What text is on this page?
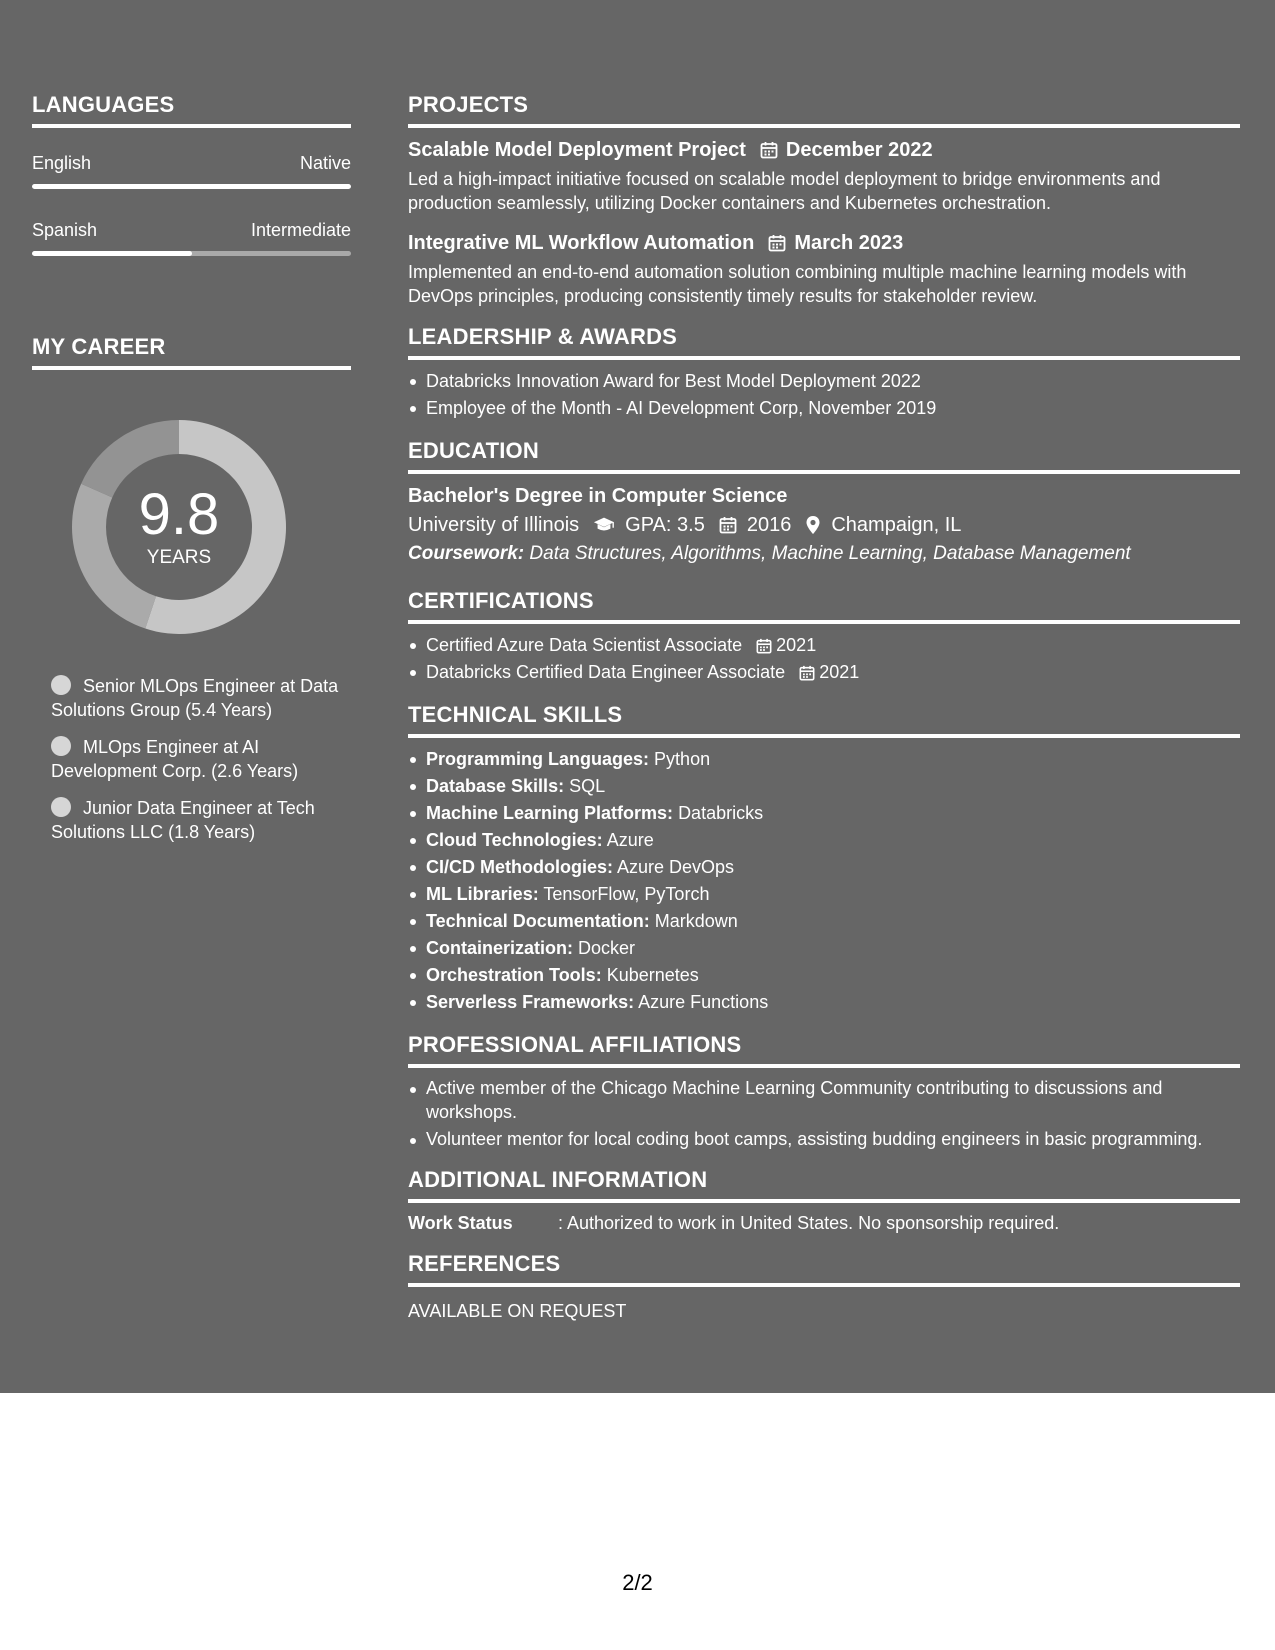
LANGUAGES
English	Native
Spanish	Intermediate
MY CAREER
9.8
YEARS
Senior MLOps Engineer at Data Solutions Group (5.4 Years)
MLOps Engineer at AI Development Corp. (2.6 Years)
Junior Data Engineer at Tech Solutions LLC (1.8 Years)
PROJECTS
Scalable Model Deployment Project December 2022
Led a high-impact initiative focused on scalable model deployment to bridge environments and production seamlessly, utilizing Docker containers and Kubernetes orchestration.
Integrative ML Workflow Automation March 2023
Implemented an end-to-end automation solution combining multiple machine learning models with DevOps principles, producing consistently timely results for stakeholder review.
LEADERSHIP & AWARDS
Databricks Innovation Award for Best Model Deployment 2022
Employee of the Month - AI Development Corp, November 2019
EDUCATION
Bachelor's Degree in Computer Science
University of Illinois GPA: 3.5 2016 Champaign, IL
Coursework: Data Structures, Algorithms, Machine Learning, Database Management
CERTIFICATIONS
Certified Azure Data Scientist Associate 2021
Databricks Certified Data Engineer Associate 2021
TECHNICAL SKILLS
Programming Languages: Python
Database Skills: SQL
Machine Learning Platforms: Databricks
Cloud Technologies: Azure
CI/CD Methodologies: Azure DevOps
ML Libraries: TensorFlow, PyTorch
Technical Documentation: Markdown
Containerization: Docker
Orchestration Tools: Kubernetes
Serverless Frameworks: Azure Functions
PROFESSIONAL AFFILIATIONS
Active member of the Chicago Machine Learning Community contributing to discussions and workshops.
Volunteer mentor for local coding boot camps, assisting budding engineers in basic programming.
ADDITIONAL INFORMATION
Work Status	: Authorized to work in United States. No sponsorship required.
REFERENCES
AVAILABLE ON REQUEST
2/2
